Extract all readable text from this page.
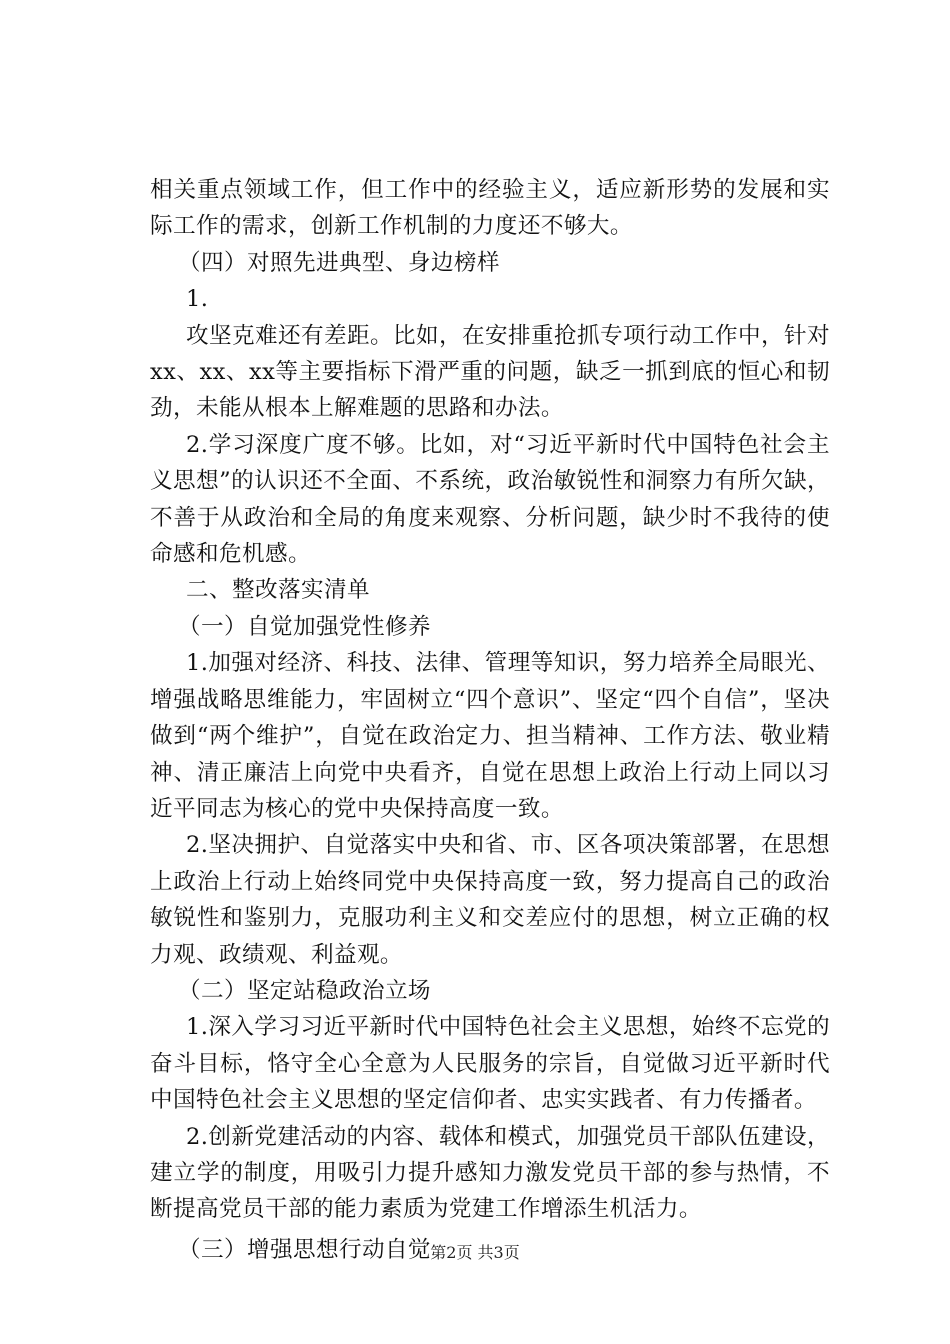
相关重点领域工作，但工作中的经验主义，适应新形势的发展和实际工作的需求，创新工作机制的力度还不够大。

（四）对照先进典型、身边榜样

1.

攻坚克难还有差距。比如，在安排重抢抓专项行动工作中，针对xx、xx、xx等主要指标下滑严重的问题，缺乏一抓到底的恒心和韧劲，未能从根本上解难题的思路和办法。

2.学习深度广度不够。比如，对“习近平新时代中国特色社会主义思想”的认识还不全面、不系统，政治敏锐性和洞察力有所欠缺，不善于从政治和全局的角度来观察、分析问题，缺少时不我待的使命感和危机感。

二、整改落实清单

（一）自觉加强党性修养

1.加强对经济、科技、法律、管理等知识，努力培养全局眼光、增强战略思维能力，牢固树立“四个意识”、坚定“四个自信”，坚决做到“两个维护”，自觉在政治定力、担当精神、工作方法、敬业精神、清正廉洁上向党中央看齐，自觉在思想上政治上行动上同以习近平同志为核心的党中央保持高度一致。

2.坚决拥护、自觉落实中央和省、市、区各项决策部署，在思想上政治上行动上始终同党中央保持高度一致，努力提高自己的政治敏锐性和鉴别力，克服功利主义和交差应付的思想，树立正确的权力观、政绩观、利益观。

（二）坚定站稳政治立场

1.深入学习习近平新时代中国特色社会主义思想，始终不忘党的奋斗目标，恪守全心全意为人民服务的宗旨，自觉做习近平新时代中国特色社会主义思想的坚定信仰者、忠实实践者、有力传播者。

2.创新党建活动的内容、载体和模式，加强党员干部队伍建设，建立学的制度，用吸引力提升感知力激发党员干部的参与热情，不断提高党员干部的能力素质为党建工作增添生机活力。

（三）增强思想行动自觉 第2页 共3页
